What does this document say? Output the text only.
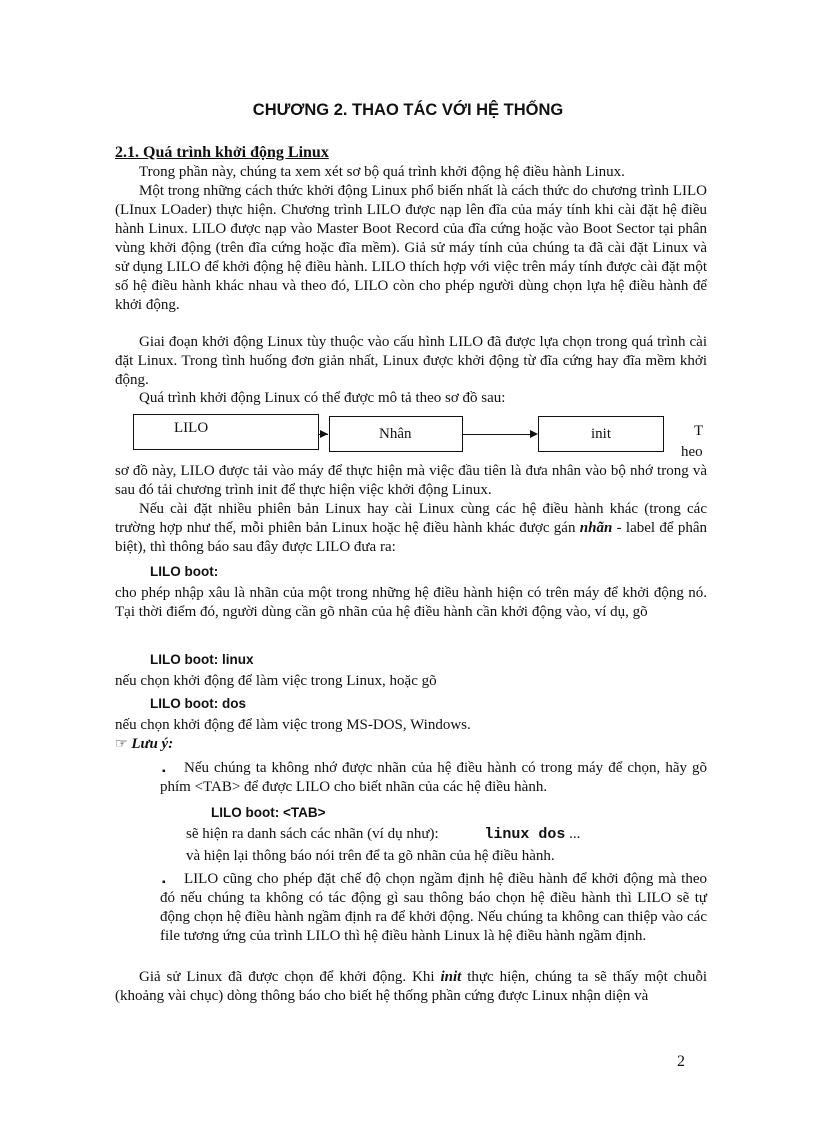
CHƯƠNG 2. THAO TÁC VỚI HỆ THỐNG
2.1. Quá trình khởi động Linux

Trong phần này, chúng ta xem xét sơ bộ quá trình khởi động hệ điều hành Linux.

Một trong những cách thức khởi động Linux phổ biến nhất là cách thức do chương trình LILO (LInux LOader) thực hiện. Chương trình LILO được nạp lên đĩa của máy tính khi cài đặt hệ điều hành Linux. LILO được nạp vào Master Boot Record của đĩa cứng hoặc vào Boot Sector tại phân vùng khởi động (trên đĩa cứng hoặc đĩa mềm). Giả sử máy tính của chúng ta đã cài đặt Linux và sử dụng LILO để khởi động hệ điều hành. LILO thích hợp với việc trên máy tính được cài đặt một số hệ điều hành khác nhau và theo đó, LILO còn cho phép người dùng chọn lựa hệ điều hành để khởi động.

Giai đoạn khởi động Linux tùy thuộc vào cấu hình LILO đã được lựa chọn trong quá trình cài đặt Linux. Trong tình huống đơn giản nhất, Linux được khởi động từ đĩa cứng hay đĩa mềm khởi động.

Quá trình khởi động Linux có thể được mô tả theo sơ đồ sau:

LILO	Nhân	init	T
heo

sơ đồ này, LILO được tải vào máy để thực hiện mà việc đầu tiên là đưa nhân vào bộ nhớ trong và sau đó tải chương trình init để thực hiện việc khởi động Linux.

Nếu cài đặt nhiều phiên bản Linux hay cài Linux cùng các hệ điều hành khác (trong các trường hợp như thế, mỗi phiên bản Linux hoặc hệ điều hành khác được gán nhãn - label để phân biệt), thì thông báo sau đây được LILO đưa ra:

LILO boot:

cho phép nhập xâu là nhãn của một trong những hệ điều hành hiện có trên máy để khởi động nó. Tại thời điểm đó, người dùng cần gõ nhãn của hệ điều hành cần khởi động vào, ví dụ, gõ

LILO boot: linux

nếu chọn khởi động để làm việc trong Linux, hoặc gõ

LILO boot: dos

nếu chọn khởi động để làm việc trong MS-DOS, Windows.

☞ Lưu ý:
▪	Nếu chúng ta không nhớ được nhãn của hệ điều hành có trong máy để chọn, hãy gõ phím <TAB> để được LILO cho biết nhãn của các hệ điều hành.

LILO boot: <TAB>
sẽ hiện ra danh sách các nhãn (ví dụ như):	linux dos ...
và hiện lại thông báo nói trên để ta gõ nhãn của hệ điều hành.
▪	LILO cũng cho phép đặt chế độ chọn ngầm định hệ điều hành để khởi động mà theo đó nếu chúng ta không có tác động gì sau thông báo chọn hệ điều hành thì LILO sẽ tự động chọn hệ điều hành ngầm định ra để khởi động. Nếu chúng ta không can thiệp vào các file tương ứng của trình LILO thì hệ điều hành Linux là hệ điều hành ngầm định.

Giả sử Linux đã được chọn để khởi động. Khi init thực hiện, chúng ta sẽ thấy một chuỗi (khoảng vài chục) dòng thông báo cho biết hệ thống phần cứng được Linux nhận diện và

2
